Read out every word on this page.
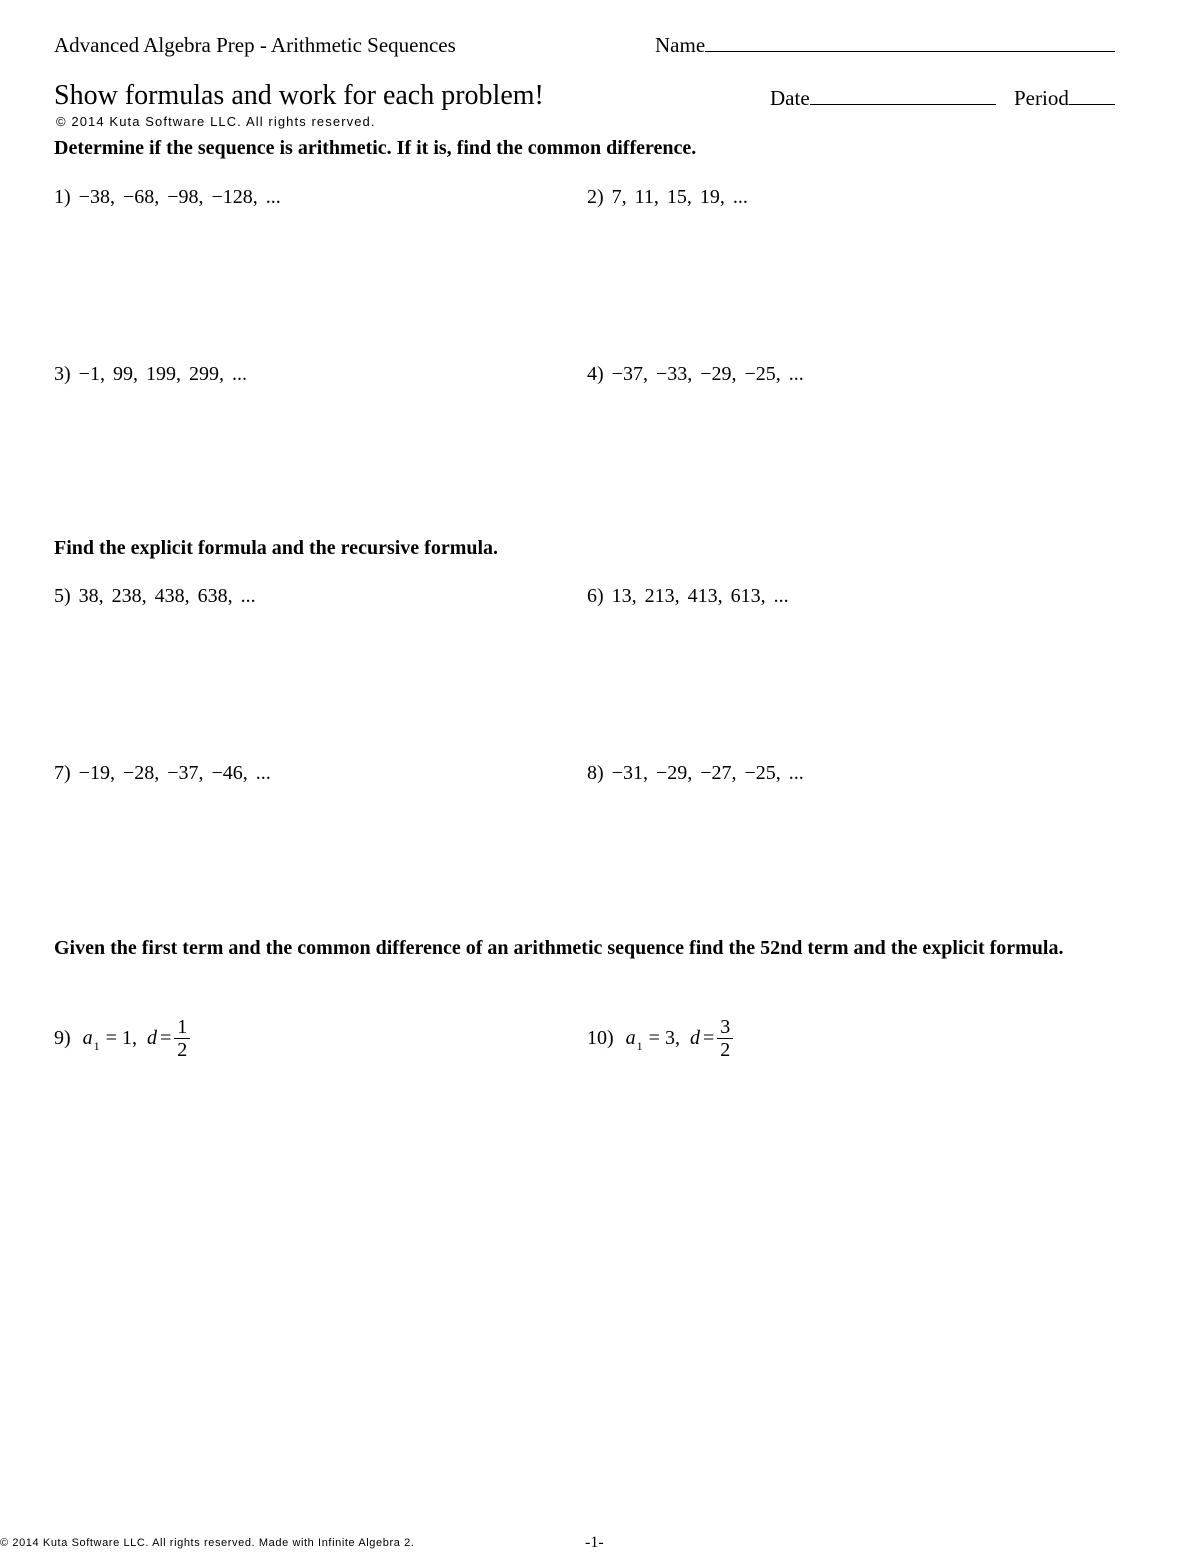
Advanced Algebra Prep - Arithmetic Sequences	Name
Show formulas and work for each problem!	Date	Period
© 2014 Kuta Software LLC. All rights reserved.
Determine if the sequence is arithmetic. If it is, find the common difference.
1) −38, −68, −98, −128, ...	2) 7, 11, 15, 19, ...
3) −1, 99, 199, 299, ...	4) −37, −33, −29, −25, ...
Find the explicit formula and the recursive formula.
5) 38, 238, 438, 638, ...	6) 13, 213, 413, 613, ...
7) −19, −28, −37, −46, ...	8) −31, −29, −27, −25, ...
Given the first term and the common difference of an arithmetic sequence find the 52nd term and the explicit formula.
9) a 1 = 1, $d = \frac{1}{2}$	10) a 1 = 3, $d = \frac{3}{2}$
© 2014 Kuta Software LLC. All rights reserved. Made with Infinite Algebra 2.	-1-
